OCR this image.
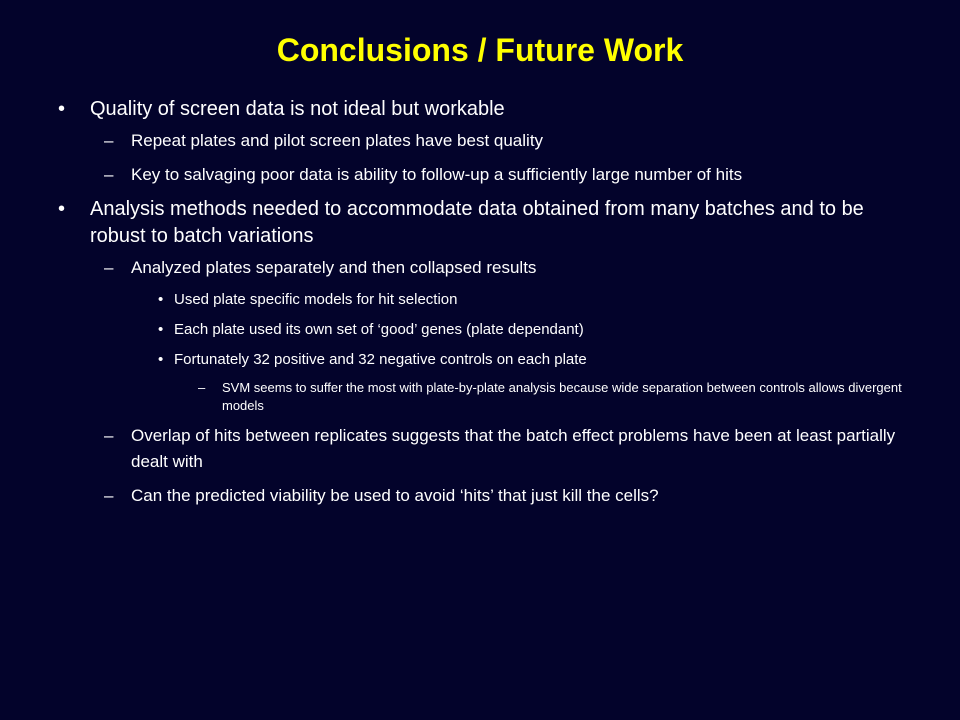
Conclusions / Future Work
• Quality of screen data is not ideal but workable
– Repeat plates and pilot screen plates have best quality
– Key to salvaging poor data is ability to follow-up a sufficiently large number of hits
• Analysis methods needed to accommodate data obtained from many batches and to be robust to batch variations
– Analyzed plates separately and then collapsed results
• Used plate specific models for hit selection
• Each plate used its own set of ‘good’ genes (plate dependant)
• Fortunately 32 positive and 32 negative controls on each plate
– SVM seems to suffer the most with plate-by-plate analysis because wide separation between controls allows divergent models
– Overlap of hits between replicates suggests that the batch effect problems have been at least partially dealt with
– Can the predicted viability be used to avoid ‘hits’ that just kill the cells?
